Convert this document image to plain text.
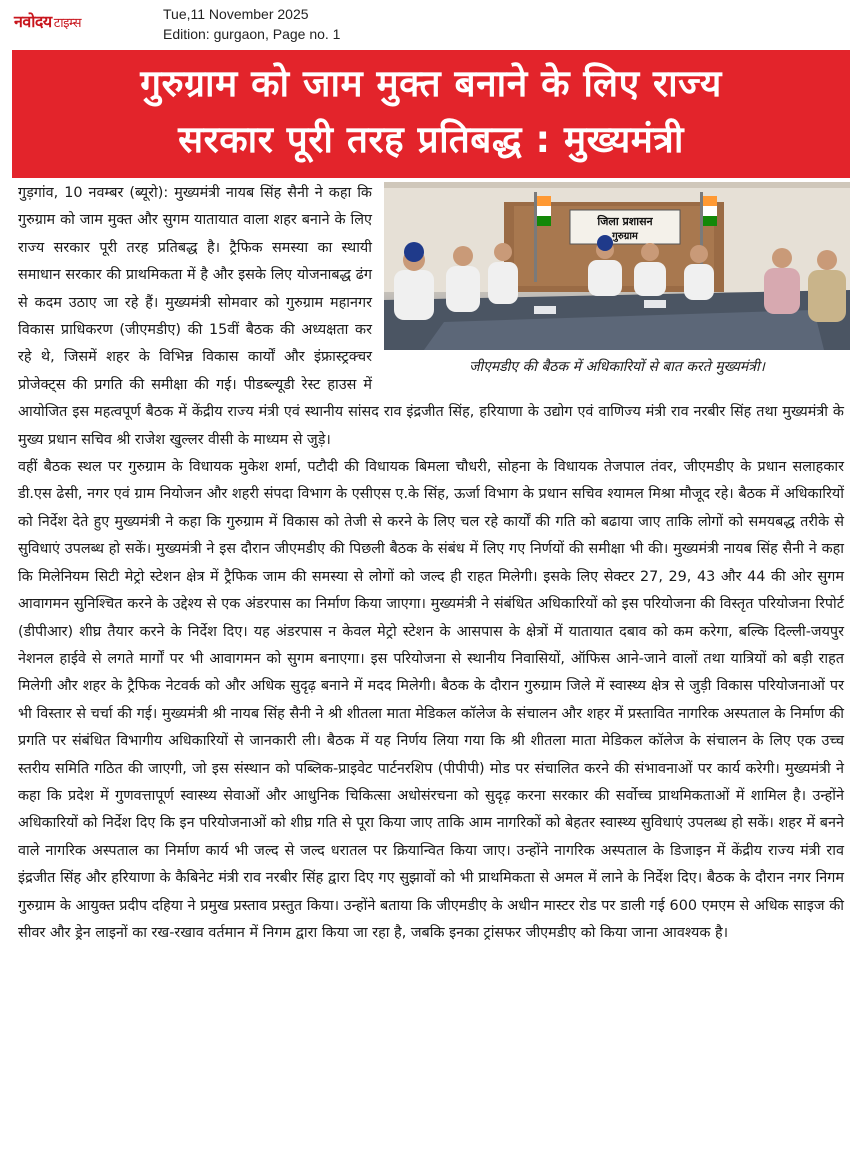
नवोदय टाइम्स
Tue,11 November 2025
Edition: gurgaon, Page no. 1
गुरुग्राम को जाम मुक्त बनाने के लिए राज्य
सरकार पूरी तरह प्रतिबद्ध : मुख्यमंत्री
जिला प्रशासन
गुरुग्राम
जीएमडीए की बैठक में अधिकारियों से बात करते मुख्यमंत्री।

गुड़गांव, 10 नवम्बर (ब्यूरो): मुख्यमंत्री नायब सिंह सैनी ने कहा कि गुरुग्राम को जाम मुक्त और सुगम यातायात वाला शहर बनाने के लिए राज्य सरकार पूरी तरह प्रतिबद्ध है। ट्रैफिक समस्या का स्थायी समाधान सरकार की प्राथमिकता में है और इसके लिए योजनाबद्ध ढंग से कदम उठाए जा रहे हैं। मुख्यमंत्री सोमवार को गुरुग्राम महानगर विकास प्राधिकरण (जीएमडीए) की 15वीं बैठक की अध्यक्षता कर रहे थे, जिसमें शहर के विभिन्न विकास कार्यों और इंफ्रास्ट्रक्चर प्रोजेक्ट्स की प्रगति की समीक्षा की गई। पीडब्ल्यूडी रेस्ट हाउस में आयोजित इस महत्वपूर्ण बैठक में केंद्रीय राज्य मंत्री एवं स्थानीय सांसद राव इंद्रजीत सिंह, हरियाणा के उद्योग एवं वाणिज्य मंत्री राव नरबीर सिंह तथा मुख्यमंत्री के मुख्य प्रधान सचिव श्री राजेश खुल्लर वीसी के माध्यम से जुड़े।

वहीं बैठक स्थल पर गुरुग्राम के विधायक मुकेश शर्मा, पटौदी की विधायक बिमला चौधरी, सोहना के विधायक तेजपाल तंवर, जीएमडीए के प्रधान सलाहकार डी.एस ढेसी, नगर एवं ग्राम नियोजन और शहरी संपदा विभाग के एसीएस ए.के सिंह, ऊर्जा विभाग के प्रधान सचिव श्यामल मिश्रा मौजूद रहे। बैठक में अधिकारियों को निर्देश देते हुए मुख्यमंत्री ने कहा कि गुरुग्राम में विकास को तेजी से करने के लिए चल रहे कार्यों की गति को बढाया जाए ताकि लोगों को समयबद्ध तरीके से सुविधाएं उपलब्ध हो सकें। मुख्यमंत्री ने इस दौरान जीएमडीए की पिछली बैठक के संबंध में लिए गए निर्णयों की समीक्षा भी की। मुख्यमंत्री नायब सिंह सैनी ने कहा कि मिलेनियम सिटी मेट्रो स्टेशन क्षेत्र में ट्रैफिक जाम की समस्या से लोगों को जल्द ही राहत मिलेगी। इसके लिए सेक्टर 27, 29, 43 और 44 की ओर सुगम आवागमन सुनिश्चित करने के उद्देश्य से एक अंडरपास का निर्माण किया जाएगा। मुख्यमंत्री ने संबंधित अधिकारियों को इस परियोजना की विस्तृत परियोजना रिपोर्ट (डीपीआर) शीघ्र तैयार करने के निर्देश दिए। यह अंडरपास न केवल मेट्रो स्टेशन के आसपास के क्षेत्रों में यातायात दबाव को कम करेगा, बल्कि दिल्ली-जयपुर नेशनल हाईवे से लगते मार्गों पर भी आवागमन को सुगम बनाएगा। इस परियोजना से स्थानीय निवासियों, ऑफिस आने-जाने वालों तथा यात्रियों को बड़ी राहत मिलेगी और शहर के ट्रैफिक नेटवर्क को और अधिक सुदृढ़ बनाने में मदद मिलेगी। बैठक के दौरान गुरुग्राम जिले में स्वास्थ्य क्षेत्र से जुड़ी विकास परियोजनाओं पर भी विस्तार से चर्चा की गई। मुख्यमंत्री श्री नायब सिंह सैनी ने श्री शीतला माता मेडिकल कॉलेज के संचालन और शहर में प्रस्तावित नागरिक अस्पताल के निर्माण की प्रगति पर संबंधित विभागीय अधिकारियों से जानकारी ली। बैठक में यह निर्णय लिया गया कि श्री शीतला माता मेडिकल कॉलेज के संचालन के लिए एक उच्च स्तरीय समिति गठित की जाएगी, जो इस संस्थान को पब्लिक-प्राइवेट पार्टनरशिप (पीपीपी) मोड पर संचालित करने की संभावनाओं पर कार्य करेगी। मुख्यमंत्री ने कहा कि प्रदेश में गुणवत्तापूर्ण स्वास्थ्य सेवाओं और आधुनिक चिकित्सा अधोसंरचना को सुदृढ़ करना सरकार की सर्वोच्च प्राथमिकताओं में शामिल है। उन्होंने अधिकारियों को निर्देश दिए कि इन परियोजनाओं को शीघ्र गति से पूरा किया जाए ताकि आम नागरिकों को बेहतर स्वास्थ्य सुविधाएं उपलब्ध हो सकें। शहर में बनने वाले नागरिक अस्पताल का निर्माण कार्य भी जल्द से जल्द धरातल पर क्रियान्वित किया जाए। उन्होंने नागरिक अस्पताल के डिजाइन में केंद्रीय राज्य मंत्री राव इंद्रजीत सिंह और हरियाणा के कैबिनेट मंत्री राव नरबीर सिंह द्वारा दिए गए सुझावों को भी प्राथमिकता से अमल में लाने के निर्देश दिए। बैठक के दौरान नगर निगम गुरुग्राम के आयुक्त प्रदीप दहिया ने प्रमुख प्रस्ताव प्रस्तुत किया। उन्होंने बताया कि जीएमडीए के अधीन मास्टर रोड पर डाली गई 600 एमएम से अधिक साइज की सीवर और ड्रेन लाइनों का रख-रखाव वर्तमान में निगम द्वारा किया जा रहा है, जबकि इनका ट्रांसफर जीएमडीए को किया जाना आवश्यक है।
